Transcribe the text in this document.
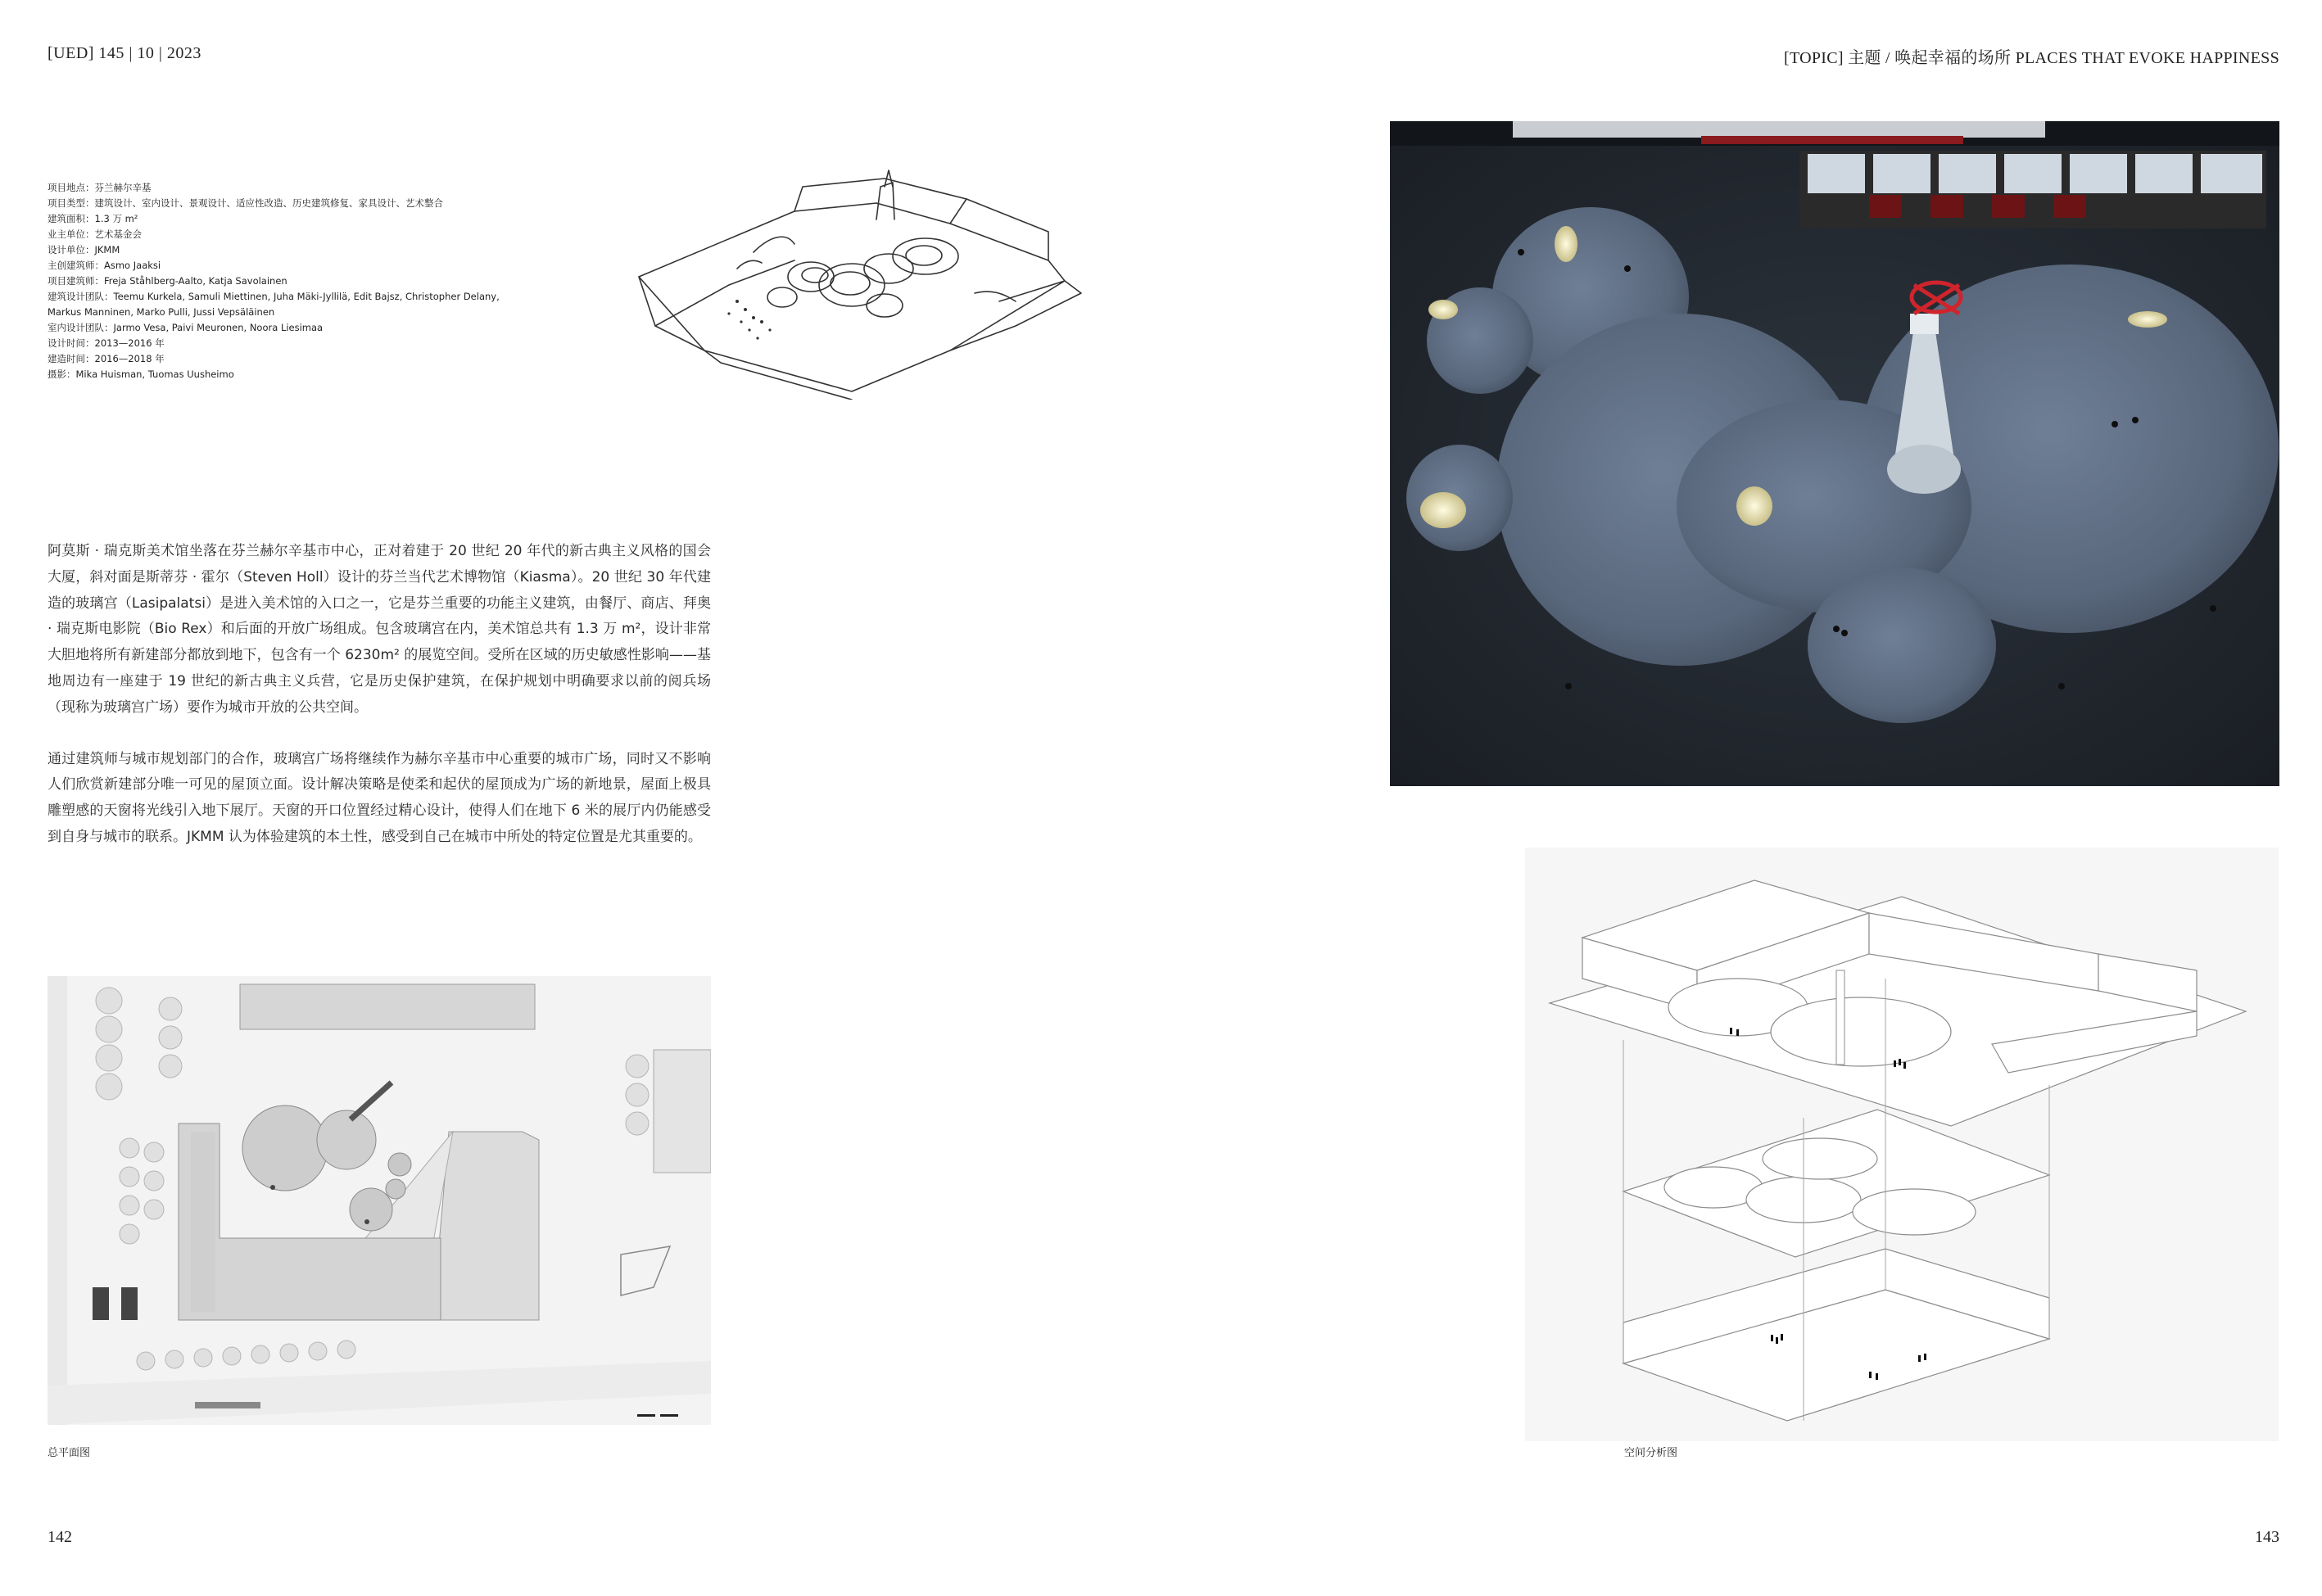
[UED] 145 | 10 | 2023	[TOPIC] 主题 / 唤起幸福的场所 PLACES THAT EVOKE HAPPINESS
项目地点：芬兰赫尔辛基
项目类型：建筑设计、室内设计、景观设计、适应性改造、历史建筑修复、家具设计、艺术整合
建筑面积：1.3 万 m²
业主单位：艺术基金会
设计单位：JKMM
主创建筑师：Asmo Jaaksi
项目建筑师：Freja Ståhlberg-Aalto, Katja Savolainen
建筑设计团队：Teemu Kurkela, Samuli Miettinen, Juha Mäki-Jyllilä, Edit Bajsz, Christopher Delany,
Markus Manninen, Marko Pulli, Jussi Vepsäläinen
室内设计团队：Jarmo Vesa, Paivi Meuronen, Noora Liesimaa
设计时间：2013—2016 年
建造时间：2016—2018 年
摄影：Mika Huisman, Tuomas Uusheimo

阿莫斯 · 瑞克斯美术馆坐落在芬兰赫尔辛基市中心，正对着建于 20 世纪 20 年代的新古典主义风格的国会大厦，斜对面是斯蒂芬 · 霍尔（Steven Holl）设计的芬兰当代艺术博物馆（Kiasma）。20 世纪 30 年代建造的玻璃宫（Lasipalatsi）是进入美术馆的入口之一，它是芬兰重要的功能主义建筑，由餐厅、商店、拜奥 · 瑞克斯电影院（Bio Rex）和后面的开放广场组成。包含玻璃宫在内，美术馆总共有 1.3 万 m²，设计非常大胆地将所有新建部分都放到地下，包含有一个 6230m² 的展览空间。受所在区域的历史敏感性影响——基地周边有一座建于 19 世纪的新古典主义兵营，它是历史保护建筑，在保护规划中明确要求以前的阅兵场（现称为玻璃宫广场）要作为城市开放的公共空间。

通过建筑师与城市规划部门的合作，玻璃宫广场将继续作为赫尔辛基市中心重要的城市广场，同时又不影响人们欣赏新建部分唯一可见的屋顶立面。设计解决策略是使柔和起伏的屋顶成为广场的新地景，屋面上极具雕塑感的天窗将光线引入地下展厅。天窗的开口位置经过精心设计，使得人们在地下 6 米的展厅内仍能感受到自身与城市的联系。JKMM 认为体验建筑的本土性，感受到自己在城市中所处的特定位置是尤其重要的。

总平面图	空间分析图
142	143
